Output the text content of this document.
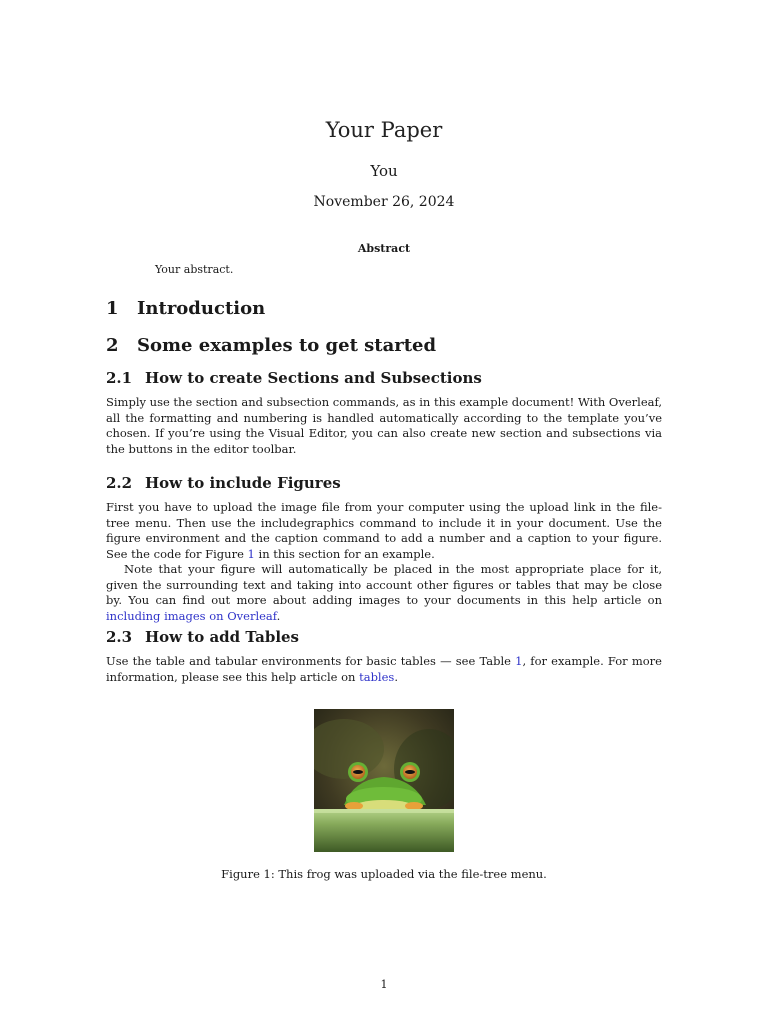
Your Paper
You
November 26, 2024
Abstract
Your abstract.
1 Introduction
2 Some examples to get started
2.1 How to create Sections and Subsections

Simply use the section and subsection commands, as in this example document! With Overleaf, all the formatting and numbering is handled automatically according to the template you’ve chosen. If you’re using the Visual Editor, you can also create new section and subsections via the buttons in the editor toolbar.

2.2 How to include Figures

First you have to upload the image file from your computer using the upload link in the file-tree menu. Then use the includegraphics command to include it in your document. Use the figure environment and the caption command to add a number and a caption to your figure. See the code for Figure 1 in this section for an example.

Note that your figure will automatically be placed in the most appropriate place for it, given the surrounding text and taking into account other figures or tables that may be close by. You can find out more about adding images to your documents in this help article on including images on Overleaf.

2.3 How to add Tables

Use the table and tabular environments for basic tables — see Table 1, for example. For more information, please see this help article on tables.

Figure 1: This frog was uploaded via the file-tree menu.
1
